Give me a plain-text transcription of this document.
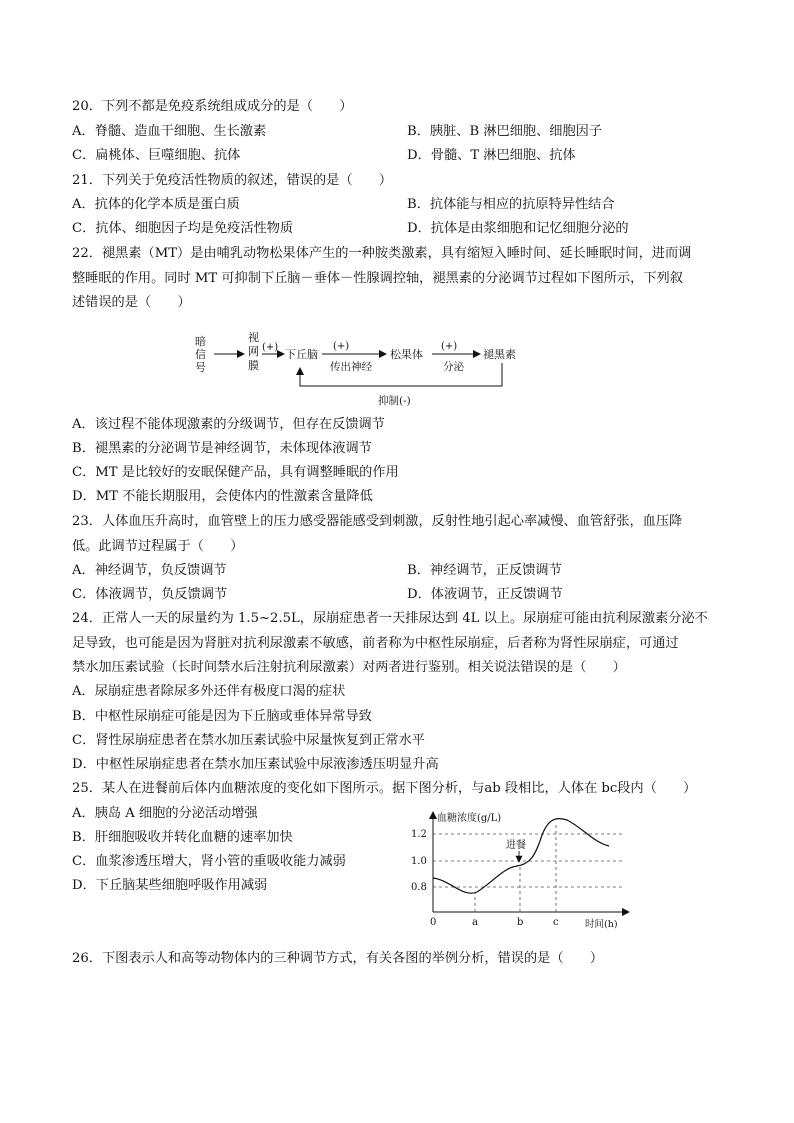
20．下列不都是免疫系统组成成分的是（　　）
A．脊髓、造血干细胞、生长激素	B．胰脏、B 淋巴细胞、细胞因子
C．扁桃体、巨噬细胞、抗体	D．骨髓、T 淋巴细胞、抗体
21．下列关于免疫活性物质的叙述，错误的是（　　）
A．抗体的化学本质是蛋白质	B．抗体能与相应的抗原特异性结合
C．抗体、细胞因子均是免疫活性物质	D．抗体是由浆细胞和记忆细胞分泌的
22．褪黑素（MT）是由哺乳动物松果体产生的一种胺类激素，具有缩短入睡时间、延长睡眠时间，进而调
整睡眠的作用。同时 MT 可抑制下丘脑－垂体－性腺调控轴，褪黑素的分泌调节过程如下图所示，下列叙
述错误的是（　　）
暗
信
号
视
网
膜
(+)
下丘脑
(+)
传出神经
松果体
(+)
分泌
褪黑素
抑制(-)
A．该过程不能体现激素的分级调节，但存在反馈调节
B．褪黑素的分泌调节是神经调节，未体现体液调节
C．MT 是比较好的安眠保健产品，具有调整睡眠的作用
D．MT 不能长期服用，会使体内的性激素含量降低
23．人体血压升高时，血管壁上的压力感受器能感受到刺激，反射性地引起心率减慢、血管舒张，血压降
低。此调节过程属于（　　）
A．神经调节，负反馈调节	B．神经调节，正反馈调节
C．体液调节，负反馈调节	D．体液调节，正反馈调节
24．正常人一天的尿量约为 1.5~2.5L，尿崩症患者一天排尿达到 4L 以上。尿崩症可能由抗利尿激素分泌不
足导致，也可能是因为肾脏对抗利尿激素不敏感，前者称为中枢性尿崩症，后者称为肾性尿崩症，可通过
禁水加压素试验（长时间禁水后注射抗利尿激素）对两者进行鉴别。相关说法错误的是（　　）
A．尿崩症患者除尿多外还伴有极度口渴的症状
B．中枢性尿崩症可能是因为下丘脑或垂体异常导致
C．肾性尿崩症患者在禁水加压素试验中尿量恢复到正常水平
D．中枢性尿崩症患者在禁水加压素试验中尿液渗透压明显升高
25．某人在进餐前后体内血糖浓度的变化如下图所示。据下图分析，与ab 段相比，人体在 bc段内（　　）
A．胰岛 A 细胞的分泌活动增强
B．肝细胞吸收并转化血糖的速率加快
C．血浆渗透压增大，肾小管的重吸收能力减弱
D．下丘脑某些细胞呼吸作用减弱
血糖浓度(g/L)
时间(h)
1.2
1.0
0.8
0	a	b	c
进餐
26．下图表示人和高等动物体内的三种调节方式，有关各图的举例分析，错误的是（　　）
